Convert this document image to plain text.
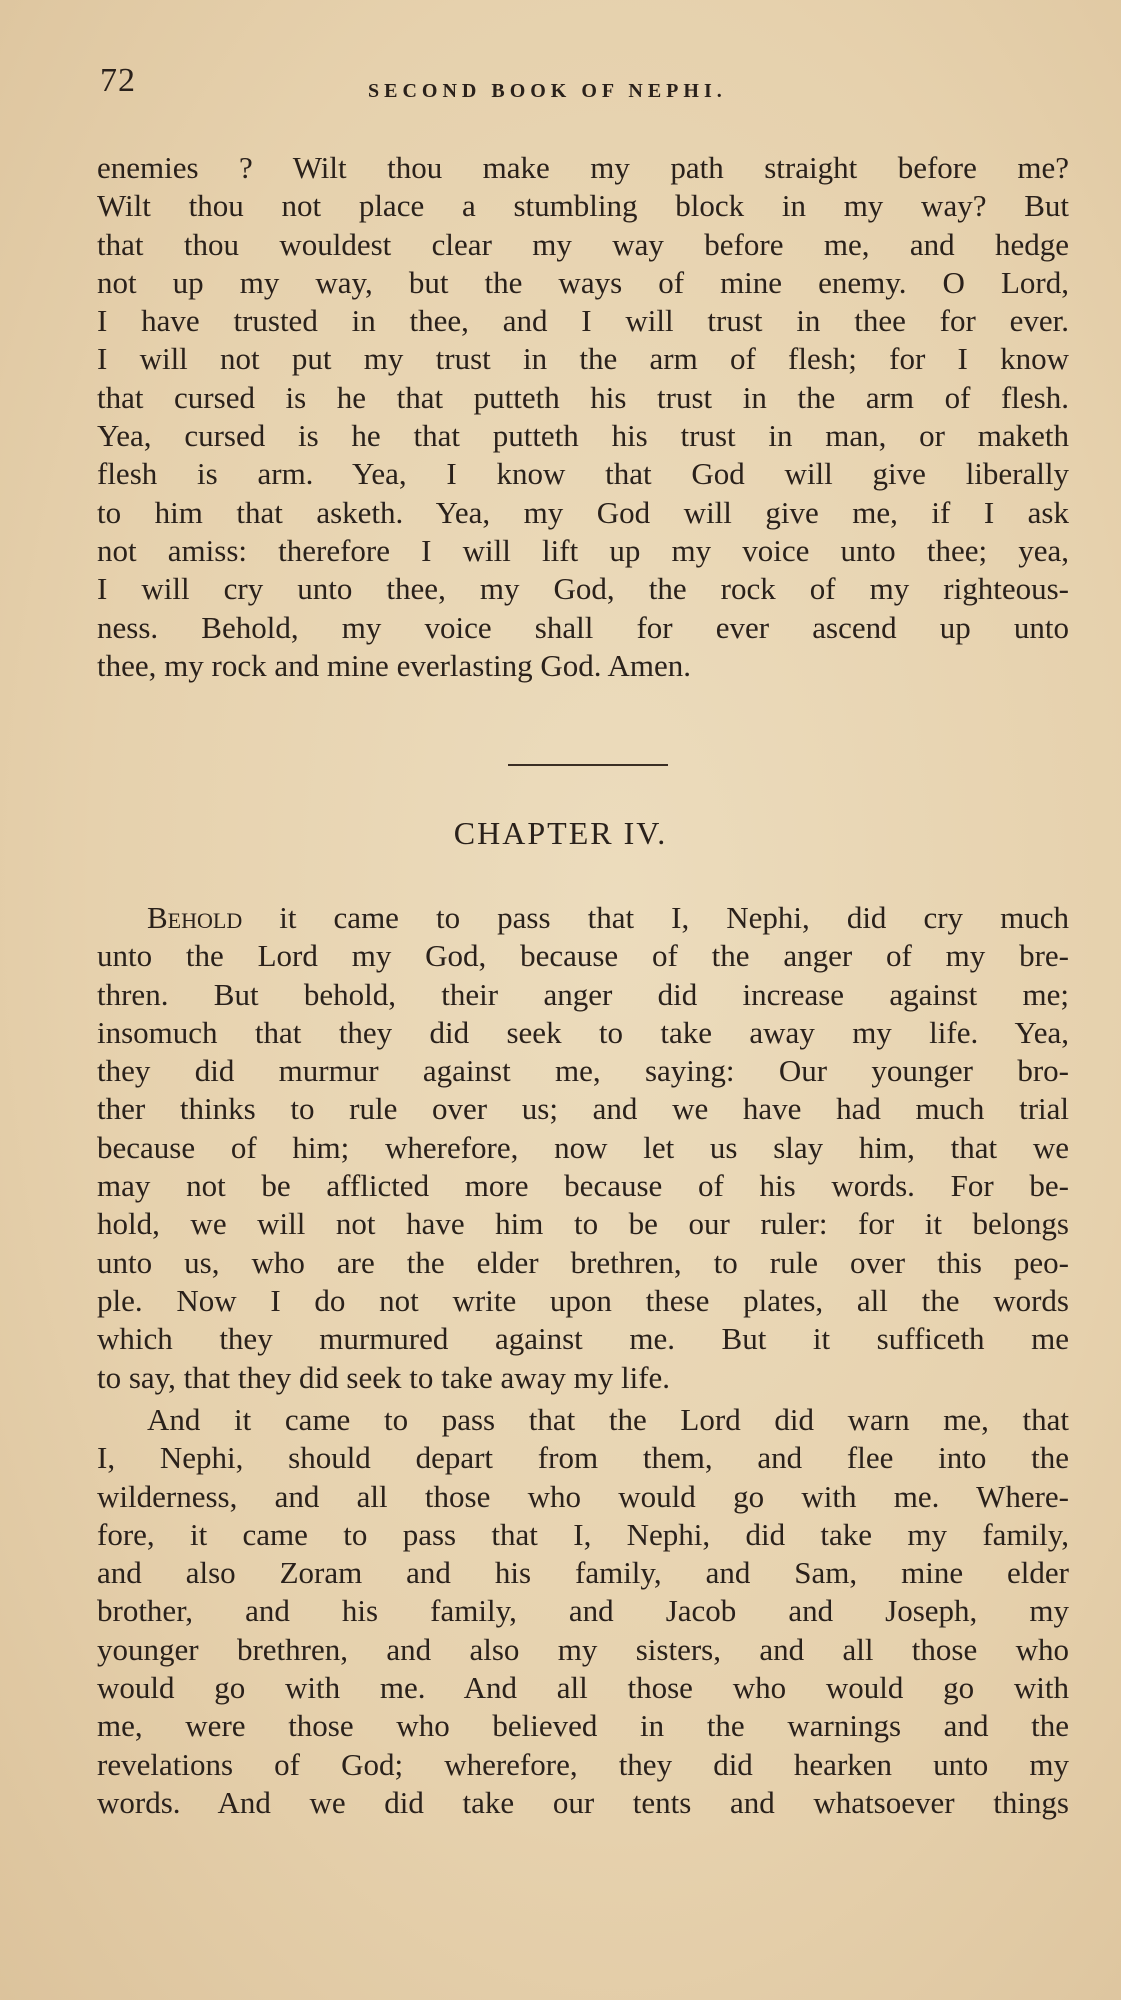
72	SECOND BOOK OF NEPHI.
enemies ? Wilt thou make my path straight before me?
Wilt thou not place a stumbling block in my way? But
that thou wouldest clear my way before me, and hedge
not up my way, but the ways of mine enemy. O Lord,
I have trusted in thee, and I will trust in thee for ever.
I will not put my trust in the arm of flesh; for I know
that cursed is he that putteth his trust in the arm of flesh.
Yea, cursed is he that putteth his trust in man, or maketh
flesh is arm. Yea, I know that God will give liberally
to him that asketh. Yea, my God will give me, if I ask
not amiss: therefore I will lift up my voice unto thee; yea,
I will cry unto thee, my God, the rock of my righteous-
ness. Behold, my voice shall for ever ascend up unto
thee, my rock and mine everlasting God. Amen.
CHAPTER IV.
Behold it came to pass that I, Nephi, did cry much
unto the Lord my God, because of the anger of my bre-
thren. But behold, their anger did increase against me;
insomuch that they did seek to take away my life. Yea,
they did murmur against me, saying: Our younger bro-
ther thinks to rule over us; and we have had much trial
because of him; wherefore, now let us slay him, that we
may not be afflicted more because of his words. For be-
hold, we will not have him to be our ruler: for it belongs
unto us, who are the elder brethren, to rule over this peo-
ple. Now I do not write upon these plates, all the words
which they murmured against me. But it sufficeth me
to say, that they did seek to take away my life.
And it came to pass that the Lord did warn me, that
I, Nephi, should depart from them, and flee into the
wilderness, and all those who would go with me. Where-
fore, it came to pass that I, Nephi, did take my family,
and also Zoram and his family, and Sam, mine elder
brother, and his family, and Jacob and Joseph, my
younger brethren, and also my sisters, and all those who
would go with me. And all those who would go with
me, were those who believed in the warnings and the
revelations of God; wherefore, they did hearken unto my
words. And we did take our tents and whatsoever things
